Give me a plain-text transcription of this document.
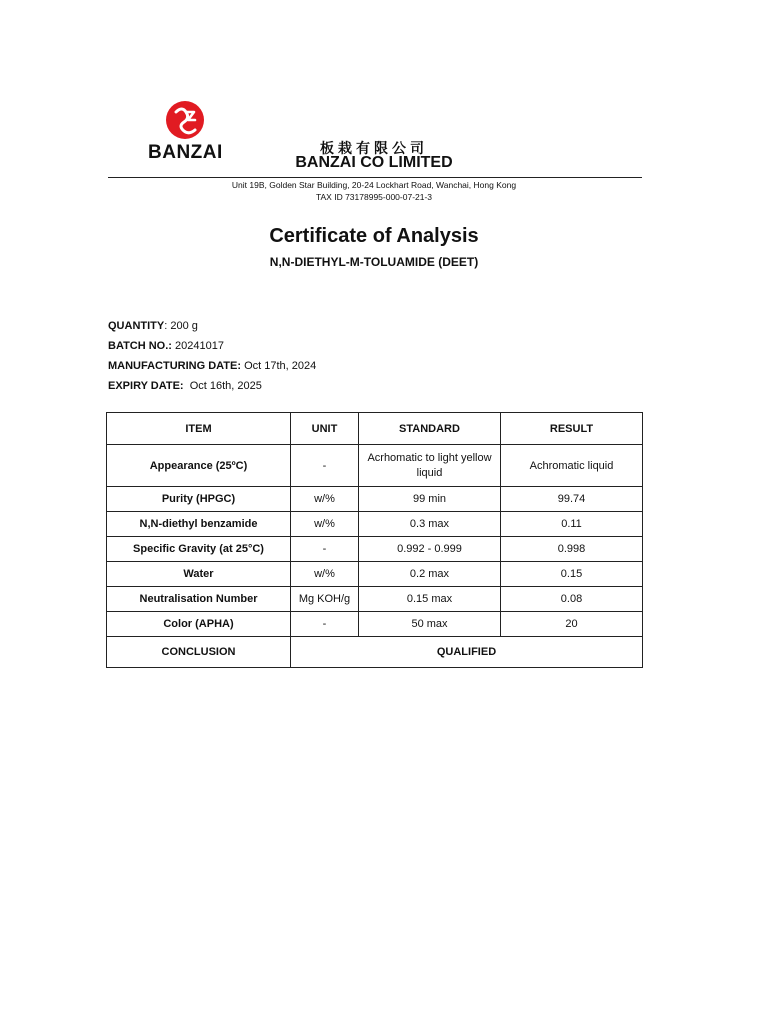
BANZAI	板栽有限公司
BANZAI CO LIMITED
Unit 19B, Golden Star Building, 20-24 Lockhart Road, Wanchai, Hong Kong
TAX ID 73178995-000-07-21-3
Certificate of Analysis
N,N-DIETHYL-M-TOLUAMIDE (DEET)
QUANTITY: 200 g
BATCH NO.: 20241017
MANUFACTURING DATE: Oct 17th, 2024
EXPIRY DATE:  Oct 16th, 2025
ITEM	UNIT	STANDARD	RESULT
Appearance (25ºC)	-	Acrhomatic to light yellow liquid	Achromatic liquid
Purity (HPGC)	w/%	99 min	99.74
N,N-diethyl benzamide	w/%	0.3 max	0.11
Specific Gravity (at 25°C)	-	0.992 - 0.999	0.998
Water	w/%	0.2 max	0.15
Neutralisation Number	Mg KOH/g	0.15 max	0.08
Color (APHA)	-	50 max	20
CONCLUSION	QUALIFIED		
